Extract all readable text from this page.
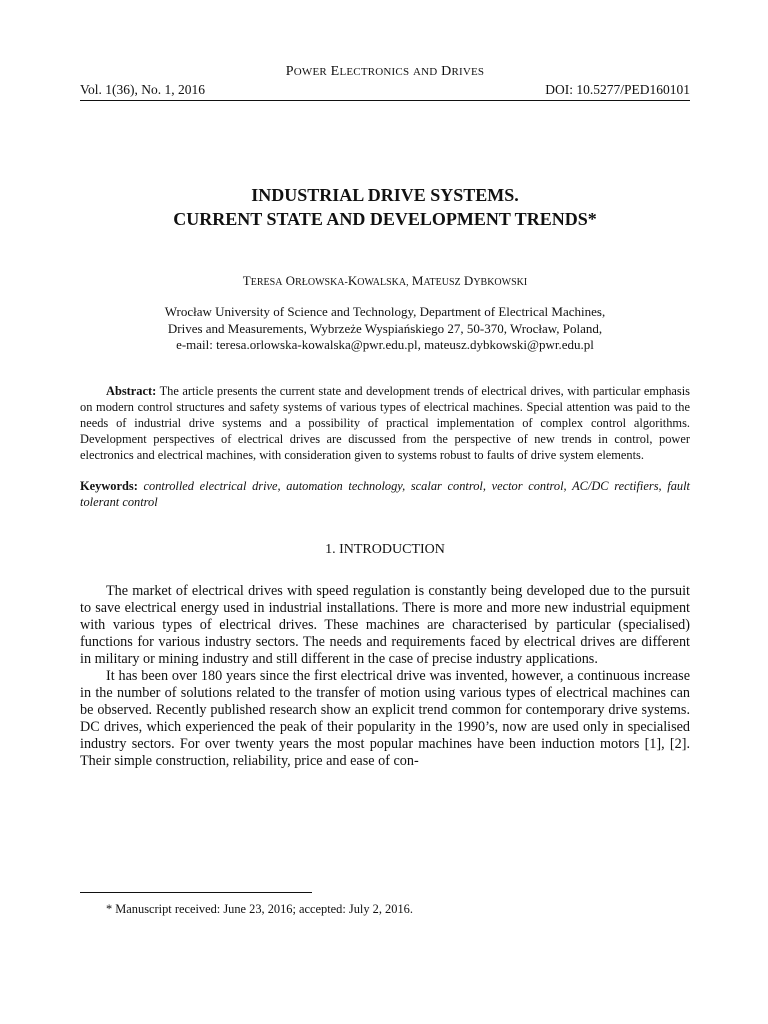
POWER ELECTRONICS AND DRIVES
Vol. 1(36), No. 1, 2016	DOI: 10.5277/PED160101
INDUSTRIAL DRIVE SYSTEMS.
CURRENT STATE AND DEVELOPMENT TRENDS*
TERESA ORŁOWSKA-KOWALSKA, MATEUSZ DYBKOWSKI
Wrocław University of Science and Technology, Department of Electrical Machines,
Drives and Measurements, Wybrzeże Wyspiańskiego 27, 50-370, Wrocław, Poland,
e-mail: teresa.orlowska-kowalska@pwr.edu.pl, mateusz.dybkowski@pwr.edu.pl
Abstract: The article presents the current state and development trends of electrical drives, with particular emphasis on modern control structures and safety systems of various types of electrical machines. Special attention was paid to the needs of industrial drive systems and a possibility of practical implementation of complex control algorithms. Development perspectives of electrical drives are discussed from the perspective of new trends in control, power electronics and electrical machines, with consideration given to systems robust to faults of drive system elements.
Keywords: controlled electrical drive, automation technology, scalar control, vector control, AC/DC rectifiers, fault tolerant control
1. INTRODUCTION

The market of electrical drives with speed regulation is constantly being developed due to the pursuit to save electrical energy used in industrial installations. There is more and more new industrial equipment with various types of electrical drives. These machines are characterised by particular (specialised) functions for various industry sectors. The needs and requirements faced by electrical drives are different in military or mining industry and still different in the case of precise industry applications.

It has been over 180 years since the first electrical drive was invented, however, a continuous increase in the number of solutions related to the transfer of motion using various types of electrical machines can be observed. Recently published research show an explicit trend common for contemporary drive systems. DC drives, which experienced the peak of their popularity in the 1990’s, now are used only in specialised industry sectors. For over twenty years the most popular machines have been induction motors [1], [2]. Their simple construction, reliability, price and ease of con-

* Manuscript received: June 23, 2016; accepted: July 2, 2016.
